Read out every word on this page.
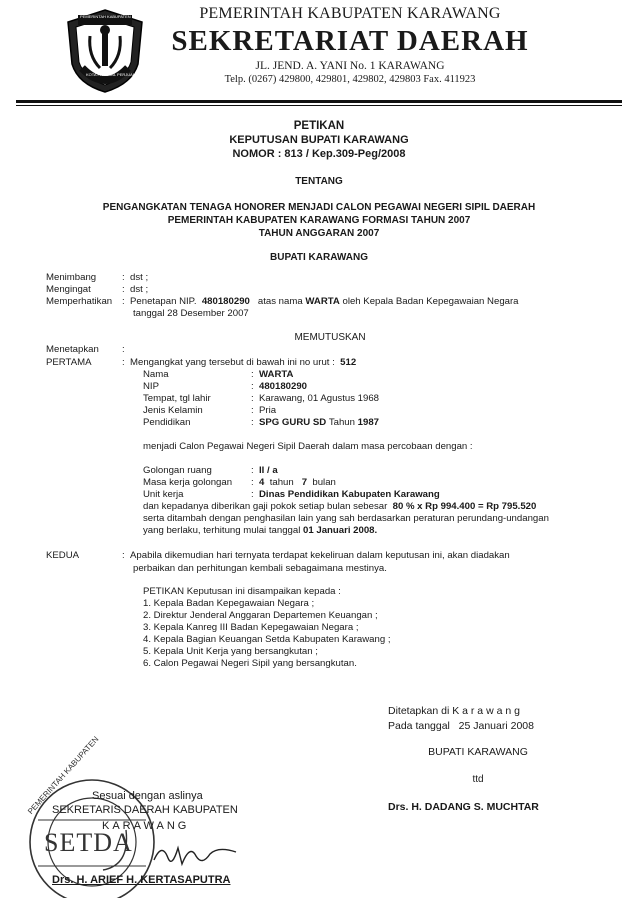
PEMERINTAH KABUPATEN
KOTA PANGKAL PERJUANGAN
PEMERINTAH KABUPATEN KARAWANG
SEKRETARIAT DAERAH
JL. JEND. A. YANI No. 1 KARAWANG
Telp. (0267) 429800, 429801, 429802, 429803 Fax. 411923
PETIKAN
KEPUTUSAN BUPATI KARAWANG
NOMOR : 813 / Kep.309-Peg/2008
TENTANG
PENGANGKATAN TENAGA HONORER MENJADI CALON PEGAWAI NEGERI SIPIL DAERAH
PEMERINTAH KABUPATEN KARAWANG FORMASI TAHUN 2007
TAHUN ANGGARAN 2007
BUPATI KARAWANG
Menimbang	:  dst ;
Mengingat	:  dst ;
Memperhatikan :  Penetapan NIP. 480180290 atas nama WARTA oleh Kepala Badan Kepegawaian Negara
tanggal 28 Desember 2007
MEMUTUSKAN
Menetapkan :
PERTAMA	:  Mengangkat yang tersebut di bawah ini no urut : 512
Nama	:  WARTA
NIP	:  480180290
Tempat, tgl lahir	:  Karawang, 01 Agustus 1968
Jenis Kelamin	:  Pria
Pendidikan	:  SPG GURU SD Tahun 1987
menjadi Calon Pegawai Negeri Sipil Daerah dalam masa percobaan dengan :
Golongan ruang	:  II / a
Masa kerja golongan :  4 tahun 7 bulan
Unit kerja	:  Dinas Pendidikan Kabupaten Karawang
dan kepadanya diberikan gaji pokok setiap bulan sebesar 80 % x Rp 994.400 = Rp 795.520
serta ditambah dengan penghasilan lain yang sah berdasarkan peraturan perundang-undangan
yang berlaku, terhitung mulai tanggal 01 Januari 2008.
KEDUA	:  Apabila dikemudian hari ternyata terdapat kekeliruan dalam keputusan ini, akan diadakan
perbaikan dan perhitungan kembali sebagaimana mestinya.
PETIKAN Keputusan ini disampaikan kepada :
1. Kepala Badan Kepegawaian Negara ;
2. Direktur Jenderal Anggaran Departemen Keuangan ;
3. Kepala Kanreg III Badan Kepegawaian Negara ;
4. Kepala Bagian Keuangan Setda Kabupaten Karawang ;
5. Kepala Unit Kerja yang bersangkutan ;
6. Calon Pegawai Negeri Sipil yang bersangkutan.
Ditetapkan di K a r a w a n g
Pada tanggal 25 Januari 2008
BUPATI KARAWANG
ttd
Drs. H. DADANG S. MUCHTAR
PEMERINTAH KABUPATEN
SETDA
Sesuai dengan aslinya
SEKRETARIS DAERAH KABUPATEN
KARAWANG
Drs. H. ARIEF H. KERTASAPUTRA
